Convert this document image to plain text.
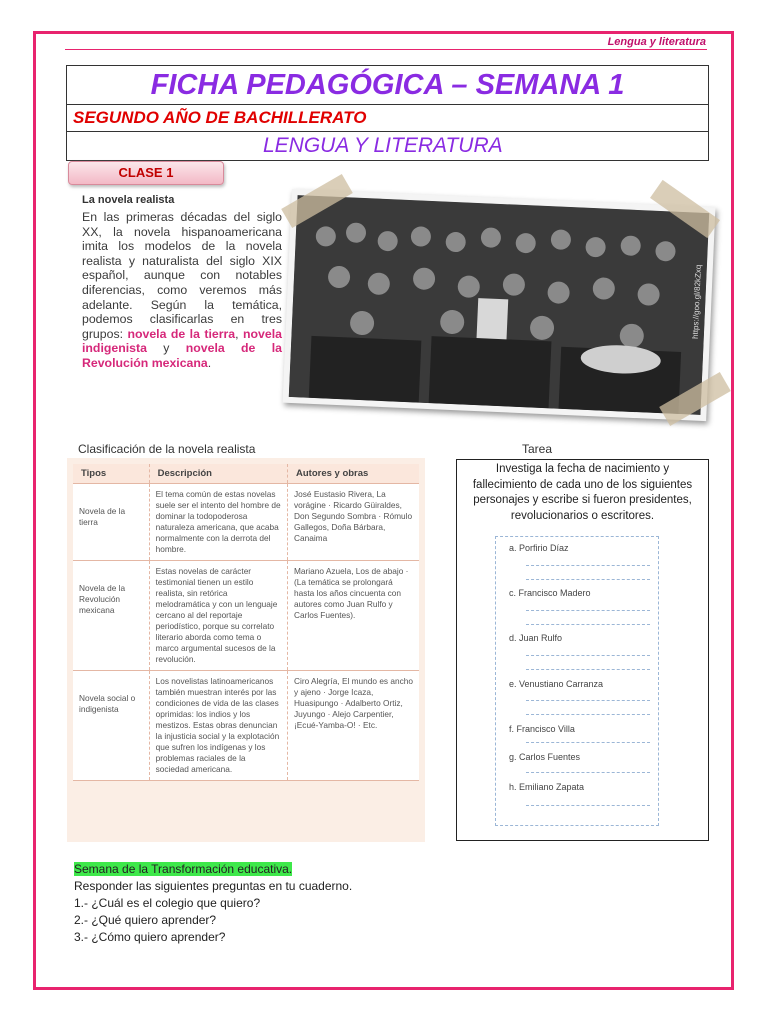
Lengua y literatura
FICHA PEDAGÓGICA – SEMANA 1
SEGUNDO AÑO DE BACHILLERATO
LENGUA Y LITERATURA
CLASE 1
La novela realista
En las primeras décadas del siglo XX, la novela hispanoamericana imita los modelos de la novela realista y naturalista del siglo XIX español, aunque con notables diferencias, como veremos más adelante. Según la temática, podemos clasificarlas en tres grupos: novela de la tierra, novela indigenista y novela de la Revolución mexicana.
https://goo.gl/82kZxq
Clasificación de la novela realista	Tarea
Tipos	Descripción	Autores y obras
Novela de la tierra	El tema común de estas novelas suele ser el intento del hombre de dominar la todopoderosa naturaleza americana, que acaba normalmente con la derrota del hombre.	José Eustasio Rivera, La vorágine · Ricardo Güiraldes, Don Segundo Sombra · Rómulo Gallegos, Doña Bárbara, Canaima
Novela de la Revolución mexicana	Estas novelas de carácter testimonial tienen un estilo realista, sin retórica melodramática y con un lenguaje cercano al del reportaje periodístico, porque su correlato literario aborda como tema o marco argumental sucesos de la revolución.	Mariano Azuela, Los de abajo · (La temática se prolongará hasta los años cincuenta con autores como Juan Rulfo y Carlos Fuentes).
Novela social o indigenista	Los novelistas latinoamericanos también muestran interés por las condiciones de vida de las clases oprimidas: los indios y los mestizos. Estas obras denuncian la injusticia social y la explotación que sufren los indígenas y los problemas raciales de la sociedad americana.	Ciro Alegría, El mundo es ancho y ajeno · Jorge Icaza, Huasipungo · Adalberto Ortiz, Juyungo · Alejo Carpentier, ¡Ecué-Yamba-O! · Etc.
Investiga la fecha de nacimiento y fallecimiento de cada uno de los siguientes personajes y escribe si fueron presidentes, revolucionarios o escritores.
a. Porfirio Díaz
c. Francisco Madero
d. Juan Rulfo
e. Venustiano Carranza
f. Francisco Villa
g. Carlos Fuentes
h. Emiliano Zapata
Semana de la Transformación educativa.
Responder las siguientes preguntas en tu cuaderno.
1.- ¿Cuál es el colegio que quiero?
2.- ¿Qué quiero aprender?
3.- ¿Cómo quiero aprender?
